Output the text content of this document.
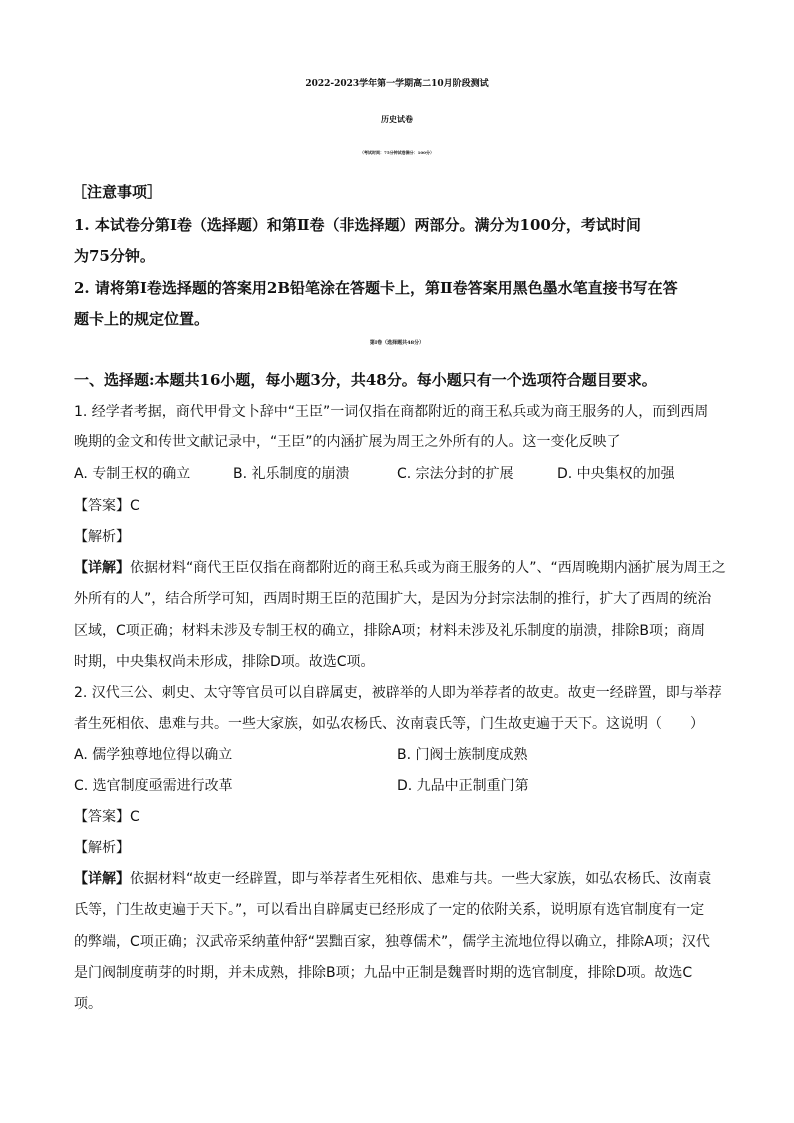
2022-2023学年第一学期高二10月阶段测试
历史试卷
（考试时间：75分钟试卷满分：100分）
［注意事项］
1. 本试卷分第Ⅰ卷（选择题）和第Ⅱ卷（非选择题）两部分。满分为100分，考试时间
为75分钟。
2. 请将第Ⅰ卷选择题的答案用2B铅笔涂在答题卡上，第Ⅱ卷答案用黑色墨水笔直接书写在答
题卡上的规定位置。
第Ⅰ卷（选择题共48分）
一、选择题:本题共16小题，每小题3分，共48分。每小题只有一个选项符合题目要求。
1. 经学者考据，商代甲骨文卜辞中“王臣”一词仅指在商都附近的商王私兵或为商王服务的人，而到西周
晚期的金文和传世文献记录中，“王臣”的内涵扩展为周王之外所有的人。这一变化反映了
A. 专制王权的确立	B. 礼乐制度的崩溃	C. 宗法分封的扩展	D. 中央集权的加强
【答案】C
【解析】
【详解】依据材料“商代王臣仅指在商都附近的商王私兵或为商王服务的人”、“西周晚期内涵扩展为周王之
外所有的人”，结合所学可知，西周时期王臣的范围扩大，是因为分封宗法制的推行，扩大了西周的统治
区域，C项正确；材料未涉及专制王权的确立，排除A项；材料未涉及礼乐制度的崩溃，排除B项；商周
时期，中央集权尚未形成，排除D项。故选C项。
2. 汉代三公、刺史、太守等官员可以自辟属吏，被辟举的人即为举荐者的故吏。故吏一经辟置，即与举荐
者生死相依、患难与共。一些大家族，如弘农杨氏、汝南袁氏等，门生故吏遍于天下。这说明（　　）
A. 儒学独尊地位得以确立	B. 门阀士族制度成熟
C. 选官制度亟需进行改革	D. 九品中正制重门第
【答案】C
【解析】
【详解】依据材料“故吏一经辟置，即与举荐者生死相依、患难与共。一些大家族，如弘农杨氏、汝南袁
氏等，门生故吏遍于天下。”，可以看出自辟属吏已经形成了一定的依附关系，说明原有选官制度有一定
的弊端，C项正确；汉武帝采纳董仲舒“罢黜百家，独尊儒术”，儒学主流地位得以确立，排除A项；汉代
是门阀制度萌芽的时期，并未成熟，排除B项；九品中正制是魏晋时期的选官制度，排除D项。故选C
项。
